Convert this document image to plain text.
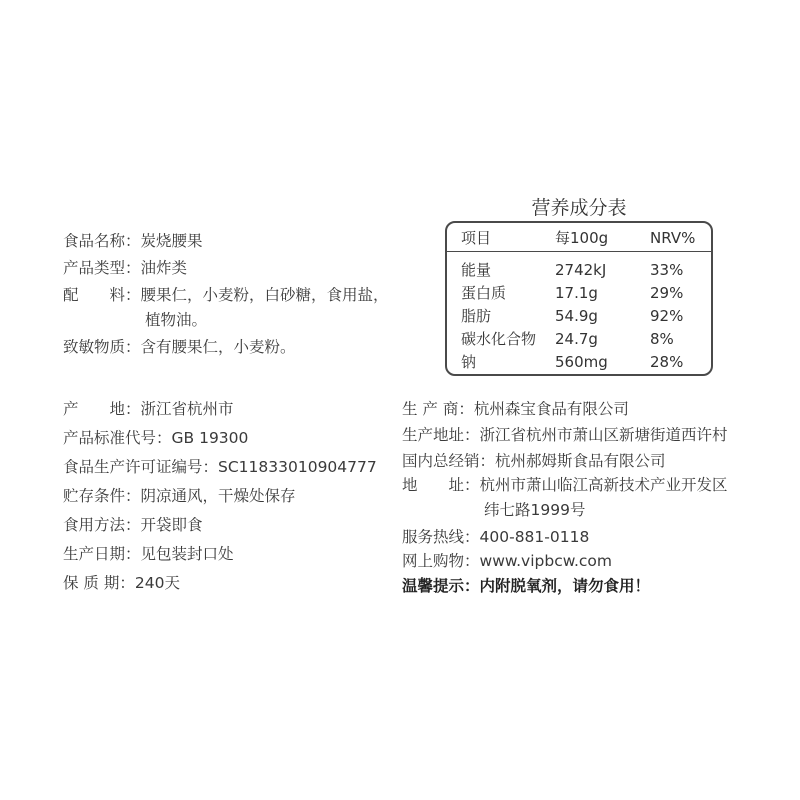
食品名称：炭烧腰果
产品类型：油炸类
配　　料：腰果仁，小麦粉，白砂糖，食用盐，
植物油。
致敏物质：含有腰果仁，小麦粉。
产　　地：浙江省杭州市
产品标准代号：GB 19300
食品生产许可证编号：SC11833010904777
贮存条件：阴凉通风，干燥处保存
食用方法：开袋即食
生产日期：见包装封口处
保 质 期：240天
生 产 商：杭州森宝食品有限公司
生产地址：浙江省杭州市萧山区新塘街道西许村
国内总经销：杭州郝姆斯食品有限公司
地　　址：杭州市萧山临江高新技术产业开发区
纬七路1999号
服务热线：400-881-0118
网上购物：www.vipbcw.com
温馨提示：内附脱氧剂，请勿食用！
营养成分表
项目	每100g	NRV%
能量	2742kJ	33%
蛋白质	17.1g	29%
脂肪	54.9g	92%
碳水化合物 24.7g	8%
钠	560mg	28%
